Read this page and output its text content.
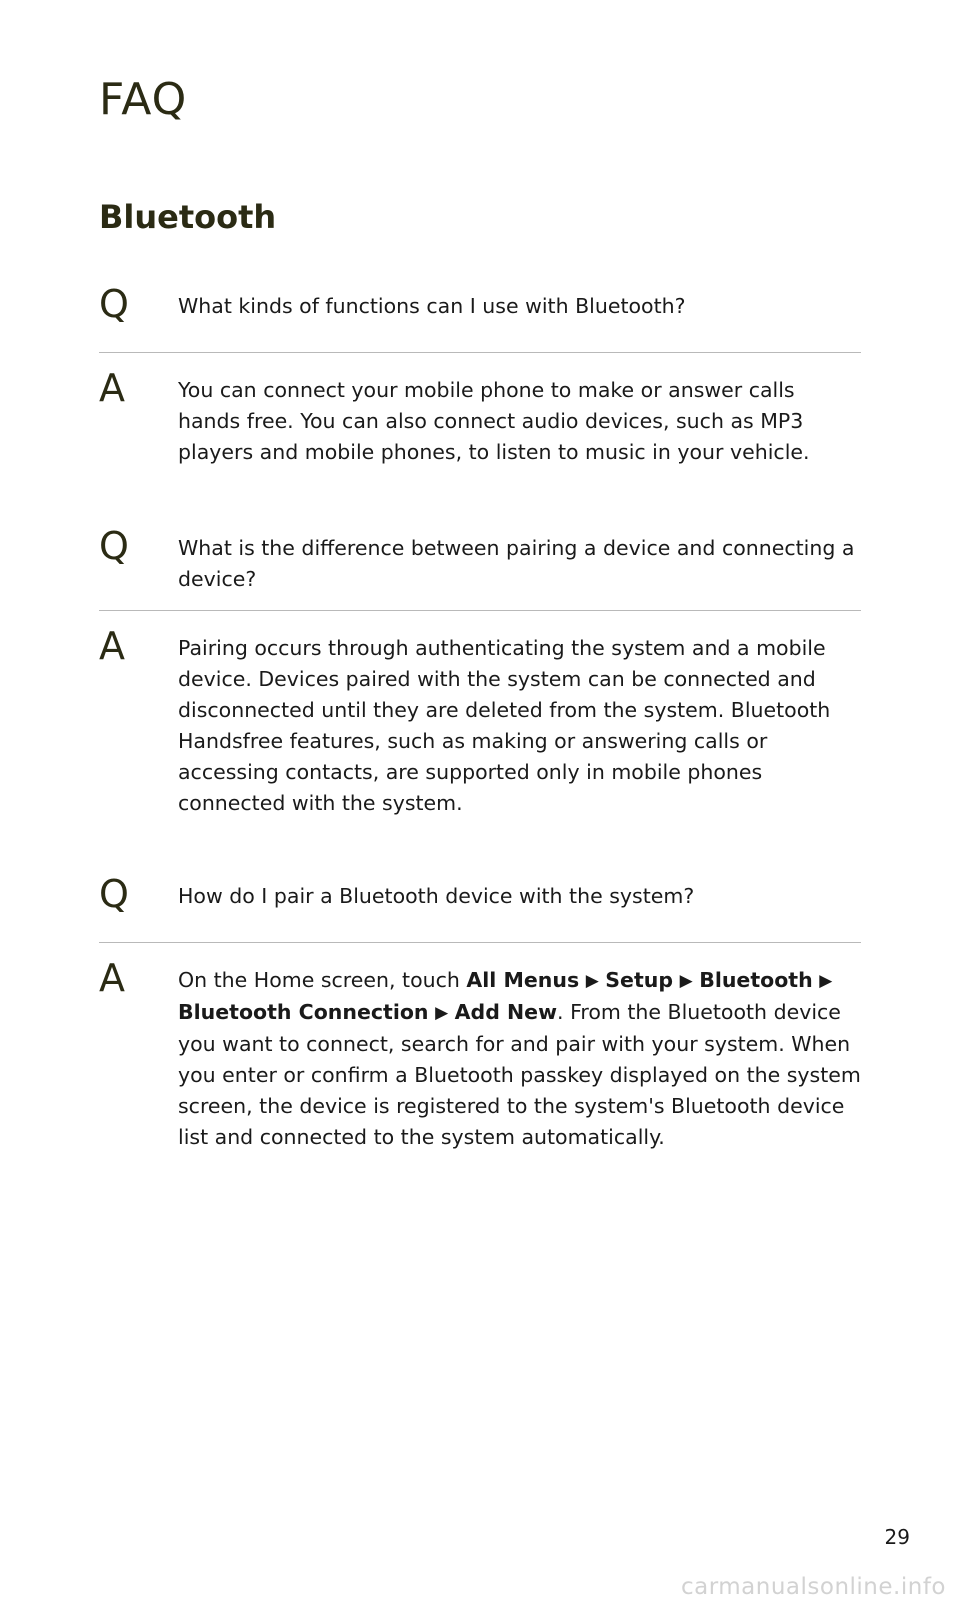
FAQ
Bluetooth
Q What kinds of functions can I use with Bluetooth?
A	You can connect your mobile phone to make or answer calls hands free. You can also connect audio devices, such as MP3 players and mobile phones, to listen to music in your vehicle.
Q What is the difference between pairing a device and connecting a device?
A	Pairing occurs through authenticating the system and a mobile device. Devices paired with the system can be connected and disconnected until they are deleted from the system. Bluetooth Handsfree features, such as making or answering calls or accessing contacts, are supported only in mobile phones connected with the system.
Q How do I pair a Bluetooth device with the system?
A	On the Home screen, touch All Menus ▶ Setup ▶ Bluetooth ▶ Bluetooth Connection ▶ Add New. From the Bluetooth device you want to connect, search for and pair with your system. When you enter or confirm a Bluetooth passkey displayed on the system screen, the device is registered to the system's Bluetooth device list and connected to the system automatically.
29
carmanualsonline.info
